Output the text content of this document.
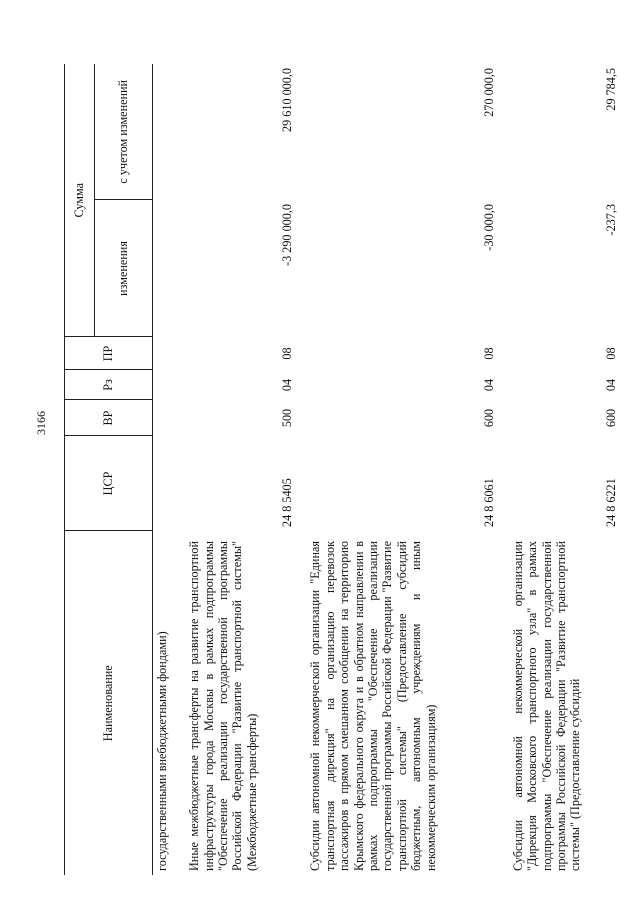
3166
Наименование	ЦСР	ВР	Рз	ПР	Сумма	
					изменения	с учетом изменений
государственными внебюджетными фондами)						
Иные межбюджетные трансферты на развитие транспортной инфраструктуры города Москвы в рамках подпрограммы "Обеспечение реализации государственной программы Российской Федерации "Развитие транспортной системы" (Межбюджетные трансферты)	24 8 5405	500	04	08	-3 290 000,0	29 610 000,0
Субсидии автономной некоммерческой организации "Единая транспортная дирекция" на организацию перевозок пассажиров в прямом смешанном сообщении на территорию Крымского федерального округа и в обратном направлении в рамках подпрограммы "Обеспечение реализации государственной программы Российской Федерации "Развитие транспортной системы" (Предоставление субсидий бюджетным, автономным учреждениям и иным некоммерческим организациям)	24 8 6061	600	04	08	-30 000,0	270 000,0
Субсидии автономной некоммерческой организации "Дирекция Московского транспортного узла" в рамках подпрограммы "Обеспечение реализации государственной программы Российской Федерации "Развитие транспортной системы" (Предоставление субсидий	24 8 6221	600	04	08	-237,3	29 784,5
